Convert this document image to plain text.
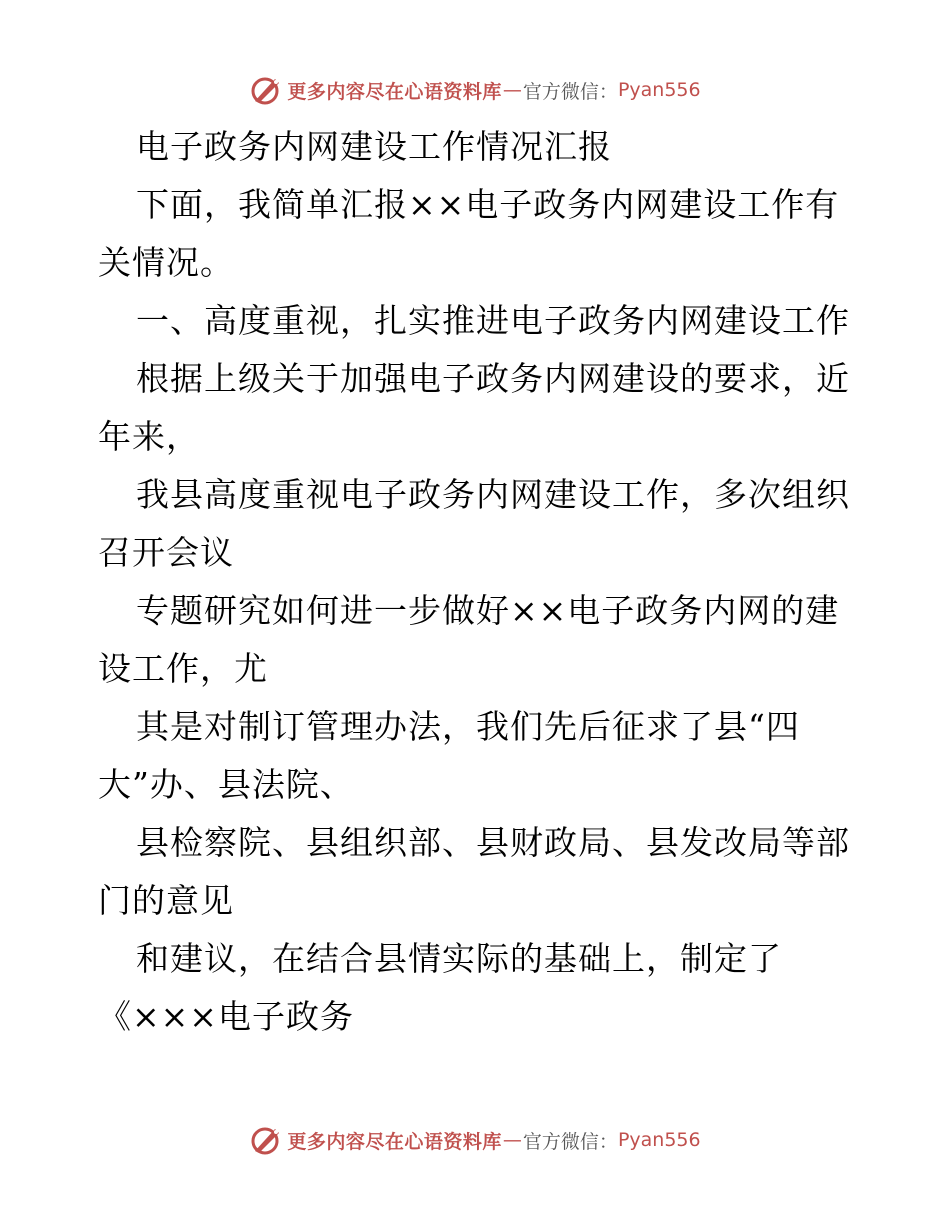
更多内容尽在心语资料库 — 官方微信： Pyan556
电子政务内网建设工作情况汇报
下面，我简单汇报××电子政务内网建设工作有
关情况。
一、高度重视，扎实推进电子政务内网建设工作
根据上级关于加强电子政务内网建设的要求，近
年来，
我县高度重视电子政务内网建设工作，多次组织
召开会议
专题研究如何进一步做好××电子政务内网的建
设工作，尤
其是对制订管理办法，我们先后征求了县“四
大”办、县法院、
县检察院、县组织部、县财政局、县发改局等部
门的意见
和建议，在结合县情实际的基础上，制定了
《×××电子政务
更多内容尽在心语资料库 — 官方微信： Pyan556
